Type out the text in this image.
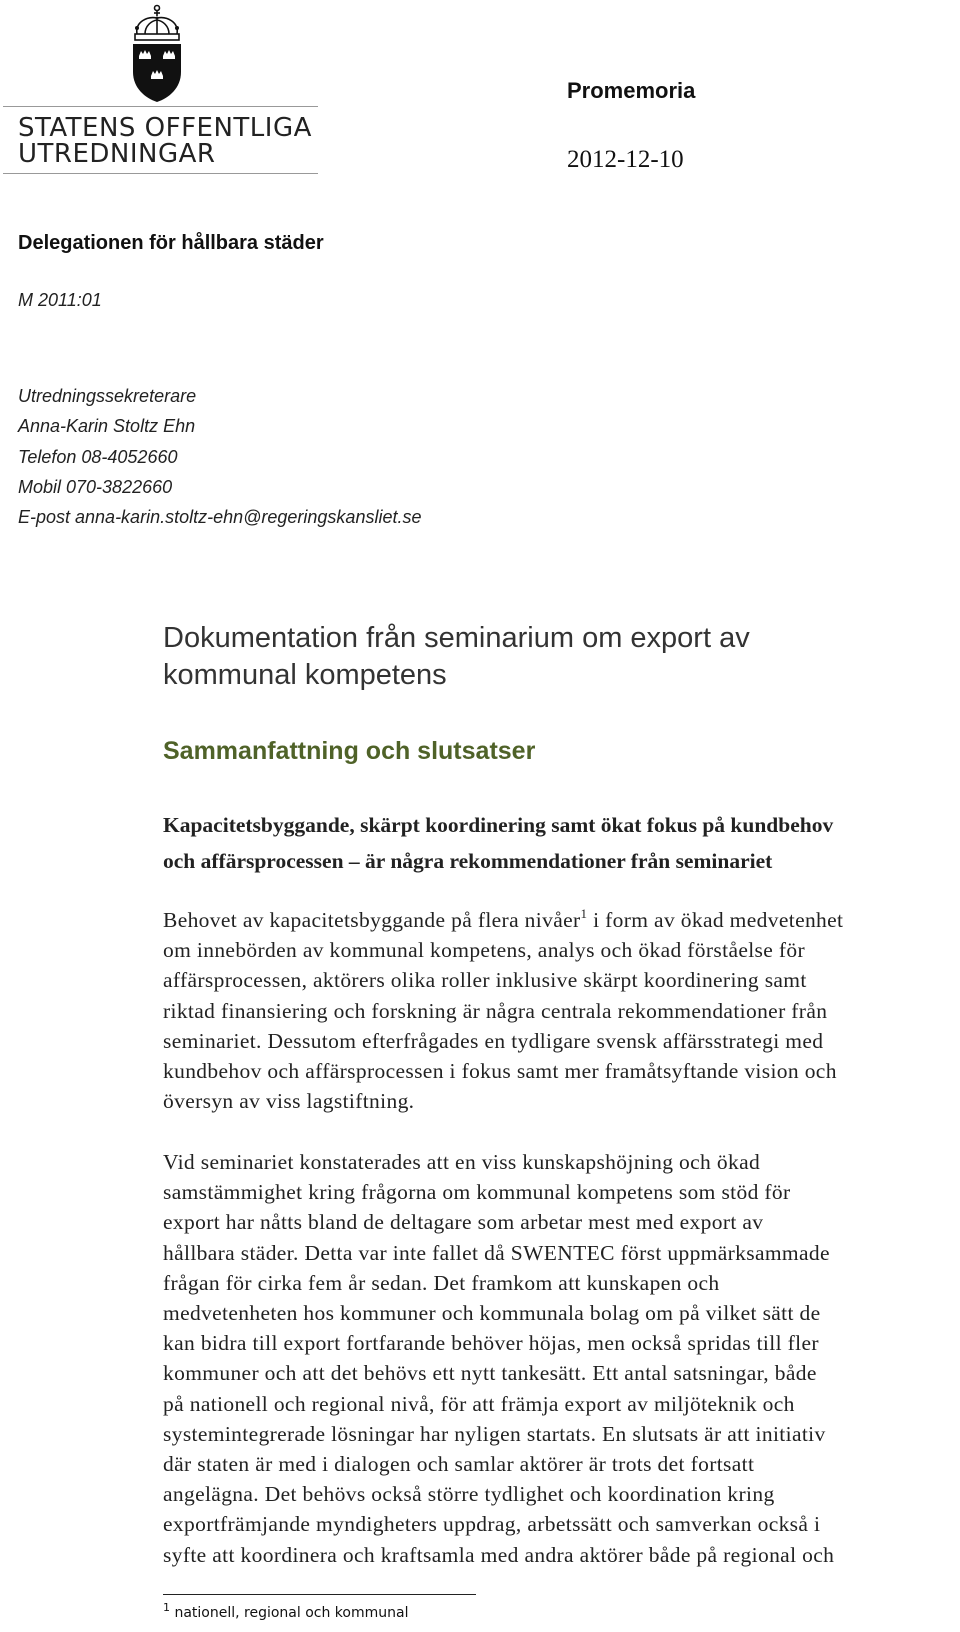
STATENS OFFENTLIGA
UTREDNINGAR
Promemoria
2012-12-10
Delegationen för hållbara städer
M 2011:01
Utredningssekreterare
Anna-Karin Stoltz Ehn
Telefon 08-4052660
Mobil 070-3822660
E-post anna-karin.stoltz-ehn@regeringskansliet.se
Dokumentation från seminarium om export av
kommunal kompetens
Sammanfattning och slutsatser
Kapacitetsbyggande, skärpt koordinering samt ökat fokus på kundbehov
och affärsprocessen – är några rekommendationer från seminariet
Behovet av kapacitetsbyggande på flera nivåer$^1$ i form av ökad medvetenhet
om innebörden av kommunal kompetens, analys och ökad förståelse för
affärsprocessen, aktörers olika roller inklusive skärpt koordinering samt
riktad finansiering och forskning är några centrala rekommendationer från
seminariet. Dessutom efterfrågades en tydligare svensk affärsstrategi med
kundbehov och affärsprocessen i fokus samt mer framåtsyftande vision och
översyn av viss lagstiftning.
Vid seminariet konstaterades att en viss kunskapshöjning och ökad
samstämmighet kring frågorna om kommunal kompetens som stöd för
export har nåtts bland de deltagare som arbetar mest med export av
hållbara städer. Detta var inte fallet då SWENTEC först uppmärksammade
frågan för cirka fem år sedan. Det framkom att kunskapen och
medvetenheten hos kommuner och kommunala bolag om på vilket sätt de
kan bidra till export fortfarande behöver höjas, men också spridas till fler
kommuner och att det behövs ett nytt tankesätt. Ett antal satsningar, både
på nationell och regional nivå, för att främja export av miljöteknik och
systemintegrerade lösningar har nyligen startats. En slutsats är att initiativ
där staten är med i dialogen och samlar aktörer är trots det fortsatt
angelägna. Det behövs också större tydlighet och koordination kring
exportfrämjande myndigheters uppdrag, arbetssätt och samverkan också i
syfte att koordinera och kraftsamla med andra aktörer både på regional och
$^1$ nationell, regional och kommunal
